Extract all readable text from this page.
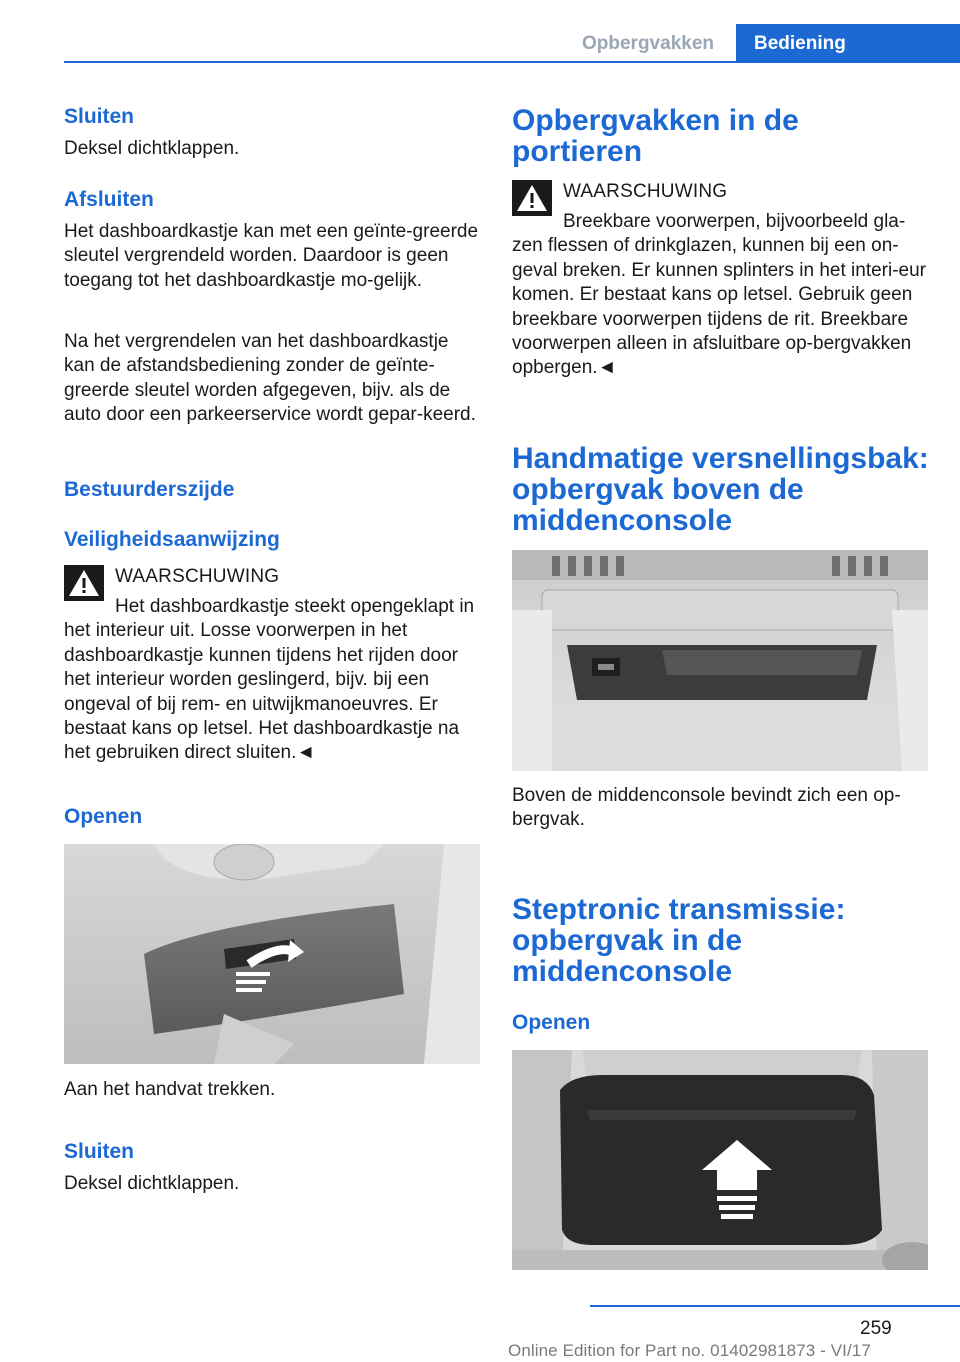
Opbergvakken	Bediening
Sluiten
Deksel dichtklappen.
Afsluiten
Het dashboardkastje kan met een geïnte-greerde sleutel vergrendeld worden. Daardoor is geen toegang tot het dashboardkastje mo-gelijk.
Na het vergrendelen van het dashboardkastje kan de afstandsbediening zonder de geïnte-greerde sleutel worden afgegeven, bijv. als de auto door een parkeerservice wordt gepar-keerd.
Bestuurderszijde
Veiligheidsaanwijzing
WAARSCHUWING
Het dashboardkastje steekt opengeklapt in het interieur uit. Losse voorwerpen in het dashboardkastje kunnen tijdens het rijden door het interieur worden geslingerd, bijv. bij een ongeval of bij rem- en uitwijkmanoeuvres. Er bestaat kans op letsel. Het dashboardkastje na het gebruiken direct sluiten.◄
Openen
Aan het handvat trekken.
Sluiten
Deksel dichtklappen.
Opbergvakken in de
portieren
WAARSCHUWING
Breekbare voorwerpen, bijvoorbeeld gla-zen flessen of drinkglazen, kunnen bij een on-geval breken. Er kunnen splinters in het interi-eur komen. Er bestaat kans op letsel. Gebruik geen breekbare voorwerpen tijdens de rit. Breekbare voorwerpen alleen in afsluitbare op-bergvakken opbergen.◄
Handmatige versnellingsbak:
opbergvak boven de
middenconsole
Boven de middenconsole bevindt zich een op-bergvak.
Steptronic transmissie:
opbergvak in de
middenconsole
Openen
259
Online Edition for Part no. 01402981873 - VI/17
